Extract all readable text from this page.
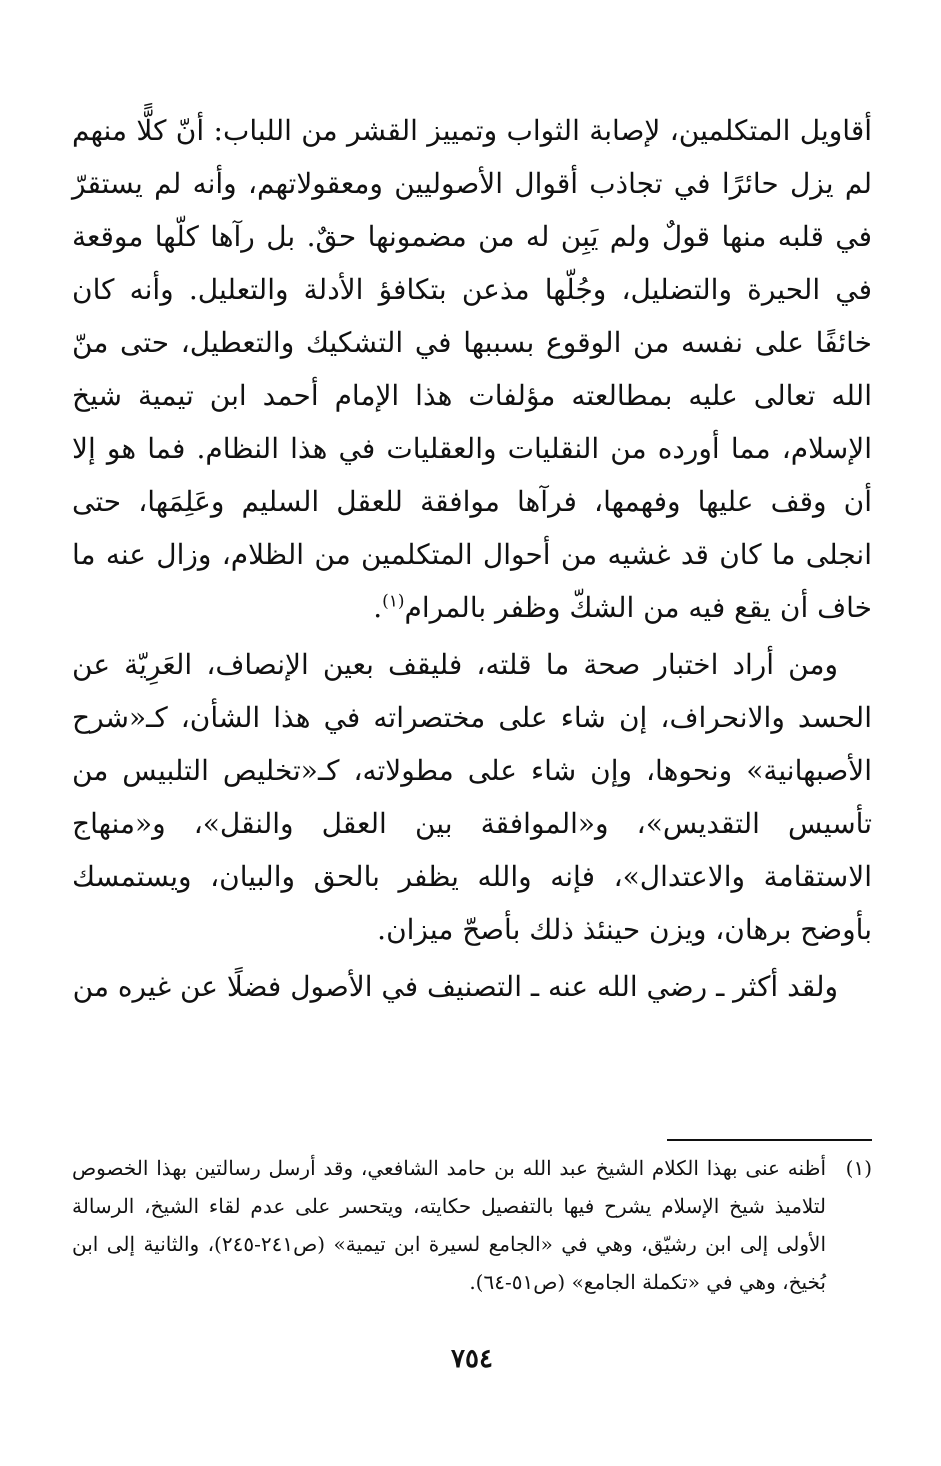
أقاويل المتكلمين، لإصابة الثواب وتمييز القشر من اللباب: أنّ كلًّا منهم لم يزل حائرًا في تجاذب أقوال الأصوليين ومعقولاتهم، وأنه لم يستقرّ في قلبه منها قولٌ ولم يَبِن له من مضمونها حقٌ. بل رآها كلّها موقعة في الحيرة والتضليل، وجُلّها مذعن بتكافؤ الأدلة والتعليل. وأنه كان خائفًا على نفسه من الوقوع بسببها في التشكيك والتعطيل، حتى منّ الله تعالى عليه بمطالعته مؤلفات هذا الإمام أحمد ابن تيمية شيخ الإسلام، مما أورده من النقليات والعقليات في هذا النظام. فما هو إلا أن وقف عليها وفهمها، فرآها موافقة للعقل السليم وعَلِمَها، حتى انجلى ما كان قد غشيه من أحوال المتكلمين من الظلام، وزال عنه ما خاف أن يقع فيه من الشكّ وظفر بالمرام$^{(١)}$.

ومن أراد اختبار صحة ما قلته، فليقف بعين الإنصاف، العَرِيّة عن الحسد والانحراف، إن شاء على مختصراته في هذا الشأن، كـ«شرح الأصبهانية» ونحوها، وإن شاء على مطولاته، كـ«تخليص التلبيس من تأسيس التقديس»، و«الموافقة بين العقل والنقل»، و«منهاج الاستقامة والاعتدال»، فإنه والله يظفر بالحق والبيان، ويستمسك بأوضح برهان، ويزن حينئذ ذلك بأصحّ ميزان.

ولقد أكثر ـ رضي الله عنه ـ التصنيف في الأصول فضلًا عن غيره من

(١)
أظنه عنى بهذا الكلام الشيخ عبد الله بن حامد الشافعي، وقد أرسل رسالتين بهذا الخصوص لتلاميذ شيخ الإسلام يشرح فيها بالتفصيل حكايته، ويتحسر على عدم لقاء الشيخ، الرسالة الأولى إلى ابن رشيّق، وهي في «الجامع لسيرة ابن تيمية» (ص٢٤١-٢٤٥)، والثانية إلى ابن بُخيخ، وهي في «تكملة الجامع» (ص٥١-٦٤).
٧٥٤
